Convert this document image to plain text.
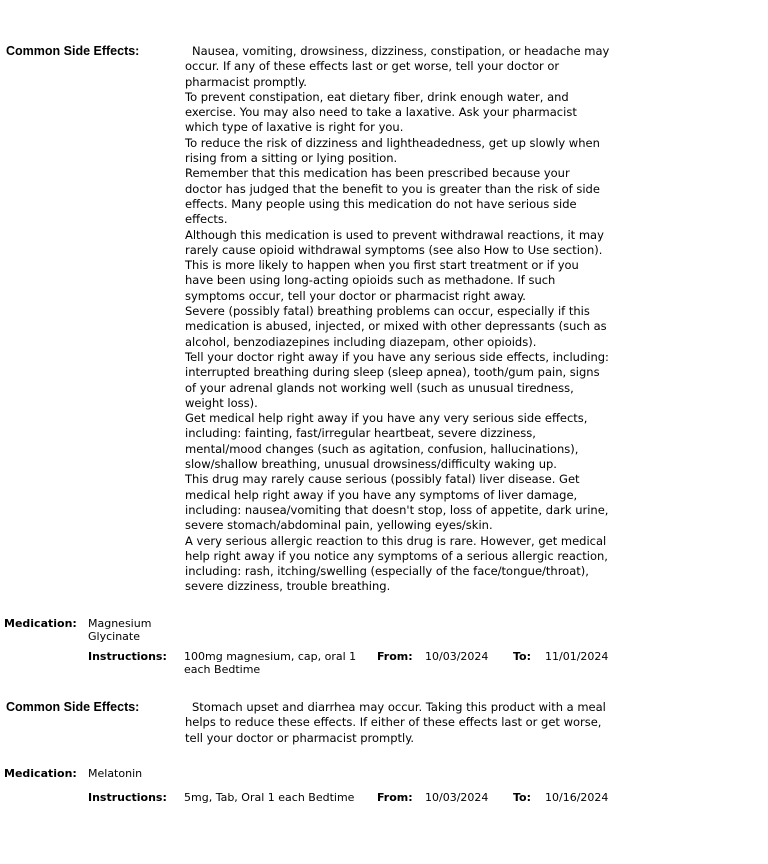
Common Side Effects:	Nausea, vomiting, drowsiness, dizziness, constipation, or headache may occur. If any of these effects last or get worse, tell your doctor or pharmacist promptly.

To prevent constipation, eat dietary fiber, drink enough water, and exercise. You may also need to take a laxative. Ask your pharmacist which type of laxative is right for you.

To reduce the risk of dizziness and lightheadedness, get up slowly when rising from a sitting or lying position.

Remember that this medication has been prescribed because your doctor has judged that the benefit to you is greater than the risk of side effects. Many people using this medication do not have serious side effects.

Although this medication is used to prevent withdrawal reactions, it may rarely cause opioid withdrawal symptoms (see also How to Use section). This is more likely to happen when you first start treatment or if you have been using long-acting opioids such as methadone. If such symptoms occur, tell your doctor or pharmacist right away.

Severe (possibly fatal) breathing problems can occur, especially if this medication is abused, injected, or mixed with other depressants (such as alcohol, benzodiazepines including diazepam, other opioids).

Tell your doctor right away if you have any serious side effects, including: interrupted breathing during sleep (sleep apnea), tooth/gum pain, signs of your adrenal glands not working well (such as unusual tiredness, weight loss).

Get medical help right away if you have any very serious side effects, including: fainting, fast/irregular heartbeat, severe dizziness, mental/mood changes (such as agitation, confusion, hallucinations), slow/shallow breathing, unusual drowsiness/difficulty waking up.

This drug may rarely cause serious (possibly fatal) liver disease. Get medical help right away if you have any symptoms of liver damage, including: nausea/vomiting that doesn't stop, loss of appetite, dark urine, severe stomach/abdominal pain, yellowing eyes/skin.

A very serious allergic reaction to this drug is rare. However, get medical help right away if you notice any symptoms of a serious allergic reaction, including: rash, itching/swelling (especially of the face/tongue/throat), severe dizziness, trouble breathing.

Medication: Magnesium Glycinate
Instructions: 100mg magnesium, cap, oral 1 each Bedtime
From: 10/03/2024 To: 11/01/2024
Common Side Effects:	Stomach upset and diarrhea may occur. Taking this product with a meal helps to reduce these effects. If either of these effects last or get worse, tell your doctor or pharmacist promptly.

Medication: Melatonin
Instructions: 5mg, Tab, Oral 1 each Bedtime	From: 10/03/2024 To: 10/16/2024
